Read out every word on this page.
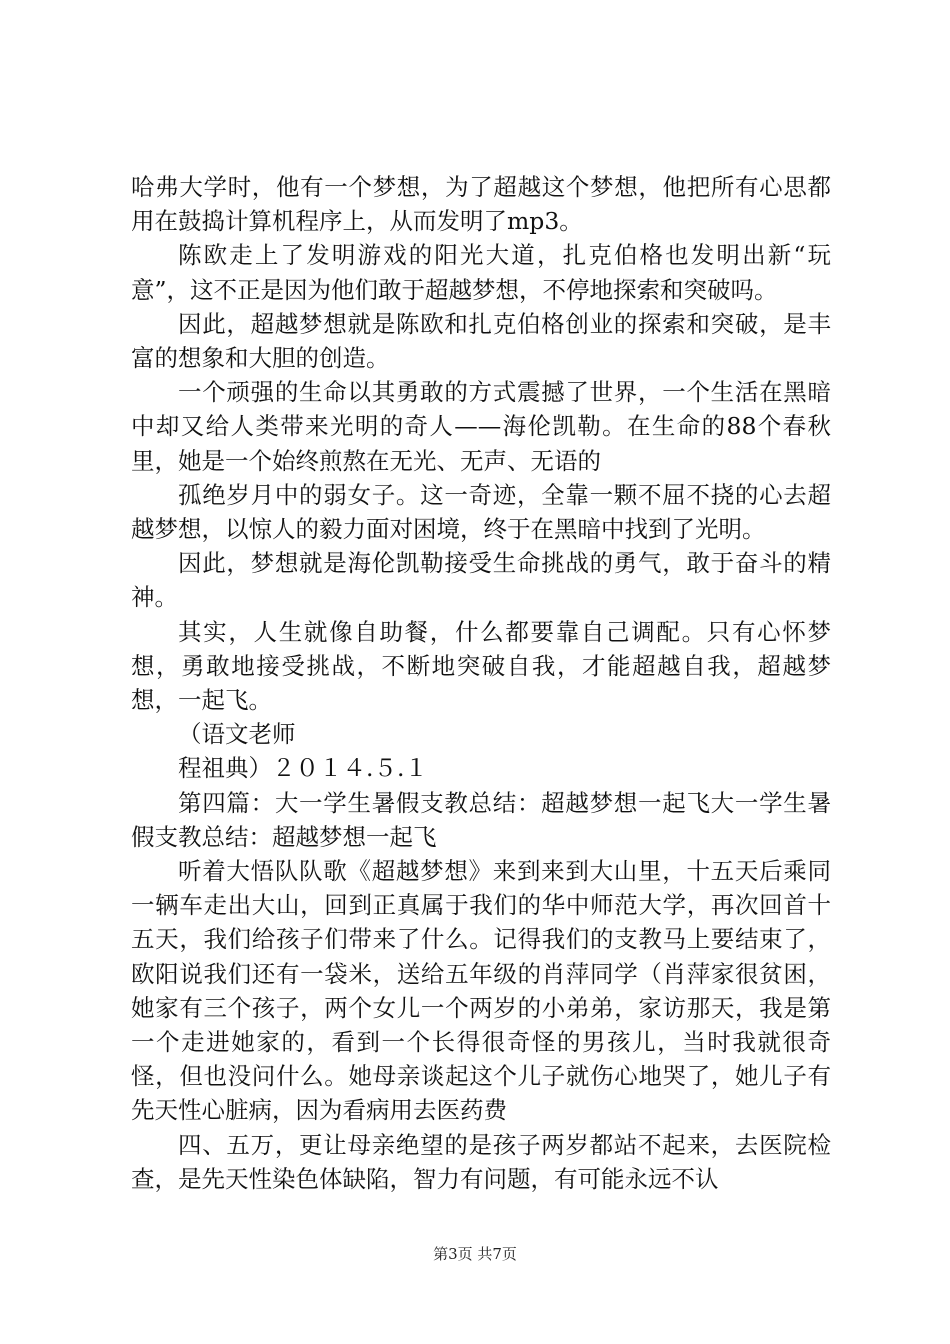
哈弗大学时，他有一个梦想，为了超越这个梦想，他把所有心思都用在鼓捣计算机程序上，从而发明了mp3。

陈欧走上了发明游戏的阳光大道，扎克伯格也发明出新“玩意”，这不正是因为他们敢于超越梦想，不停地探索和突破吗。

因此，超越梦想就是陈欧和扎克伯格创业的探索和突破，是丰富的想象和大胆的创造。

一个顽强的生命以其勇敢的方式震撼了世界，一个生活在黑暗中却又给人类带来光明的奇人——海伦凯勒。在生命的88个春秋里，她是一个始终煎熬在无光、无声、无语的

孤绝岁月中的弱女子。这一奇迹，全靠一颗不屈不挠的心去超越梦想，以惊人的毅力面对困境，终于在黑暗中找到了光明。

因此，梦想就是海伦凯勒接受生命挑战的勇气，敢于奋斗的精神。

其实，人生就像自助餐，什么都要靠自己调配。只有心怀梦想，勇敢地接受挑战，不断地突破自我，才能超越自我，超越梦想，一起飞。

（语文老师

程祖典）２０１４.５.１

第四篇：大一学生暑假支教总结：超越梦想一起飞大一学生暑假支教总结：超越梦想一起飞

听着大悟队队歌《超越梦想》来到来到大山里，十五天后乘同一辆车走出大山，回到正真属于我们的华中师范大学，再次回首十五天，我们给孩子们带来了什么。记得我们的支教马上要结束了，欧阳说我们还有一袋米，送给五年级的肖萍同学（肖萍家很贫困，她家有三个孩子，两个女儿一个两岁的小弟弟，家访那天，我是第一个走进她家的，看到一个长得很奇怪的男孩儿，当时我就很奇怪，但也没问什么。她母亲谈起这个儿子就伤心地哭了，她儿子有先天性心脏病，因为看病用去医药费

四、五万，更让母亲绝望的是孩子两岁都站不起来，去医院检查，是先天性染色体缺陷，智力有问题，有可能永远不认

第3页 共7页
